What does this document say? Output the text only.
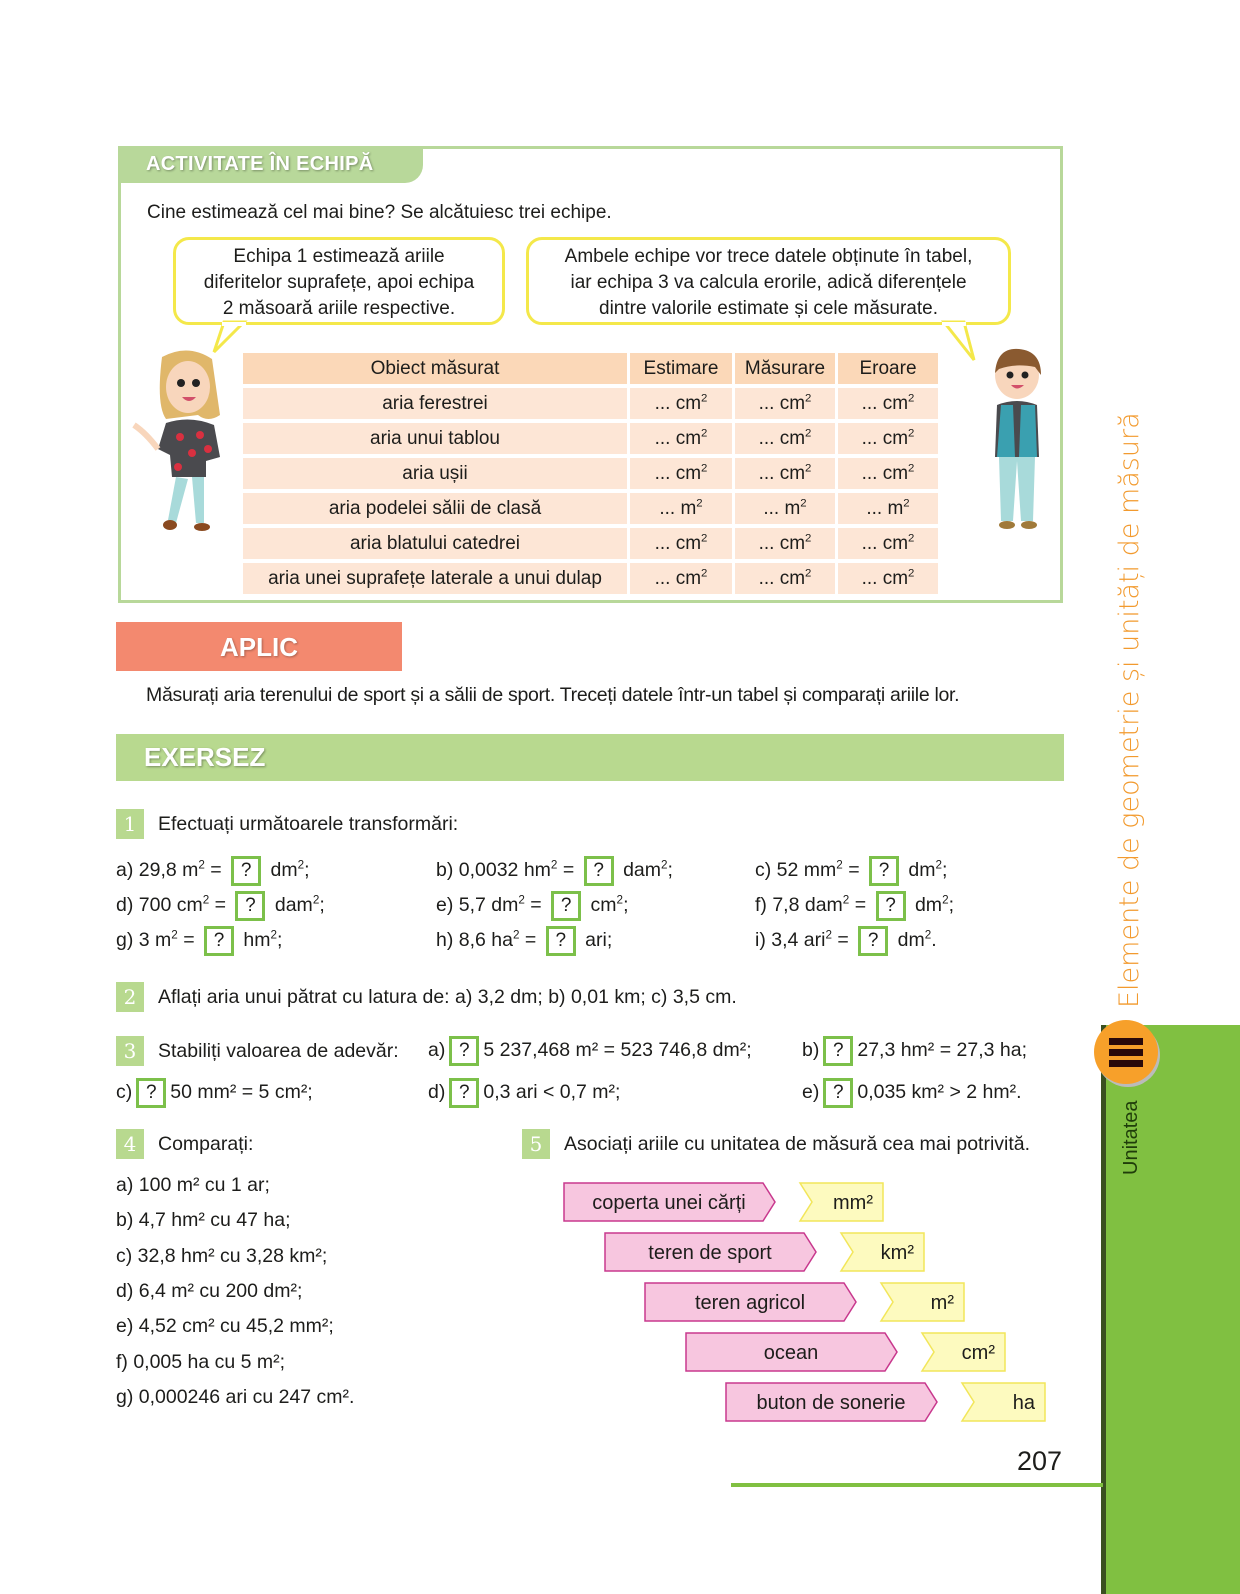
ACTIVITATE ÎN ECHIPĂ
Cine estimează cel mai bine? Se alcătuiesc trei echipe.
Echipa 1 estimează ariile
diferitelor suprafețe, apoi echipa
2 măsoară ariile respective.
Ambele echipe vor trece datele obținute în tabel,
iar echipa 3 va calcula erorile, adică diferențele
dintre valorile estimate și cele măsurate.
Obiect măsurat	Estimare	Măsurare	Eroare
aria ferestrei	... $cm^2$	... $cm^2$	... $cm^2$
aria unui tablou	... $cm^2$	... $cm^2$	... $cm^2$
aria ușii	... $cm^2$	... $cm^2$	... $cm^2$
aria podelei sălii de clasă	... $m^2$	... $m^2$	... $m^2$
aria blatului catedrei	... $cm^2$	... $cm^2$	... $cm^2$
aria unei suprafețe laterale a unui dulap	... $cm^2$	... $cm^2$	... $cm^2$
APLIC
Măsurați aria terenului de sport și a sălii de sport. Treceți datele într-un tabel și comparați ariile lor.
EXERSEZ
1	Efectuați următoarele transformări:
a) 29,8 $m^2$ = ? $dm^2$;	b) 0,0032 $hm^2$ = ? dam$^2$;	c) 52 $mm^2$ = ? $dm^2$;
d) 700 $cm^2$ = ? dam$^2$;	e) 5,7 $dm^2$ = ? $cm^2$;	f) 7,8 dam$^2$ = ? $dm^2$;
g) 3 $m^2$ = ? $hm^2$;	h) 8,6 $ha^2$ = ? ari;	i) 3,4 ari$^2$ = ? $dm^2$.
2	Aflați aria unui pătrat cu latura de: a) 3,2 dm; b) 0,01 km; c) 3,5 cm.
3	Stabiliți valoarea de adevăr: a) ? 5 237,468 m² = 523 746,8 dm²;	b) ? 27,3 hm² = 27,3 ha;
c) ? 50 mm² = 5 cm²;	d) ? 0,3 ari < 0,7 m²;	e) ? 0,035 km² > 2 hm².
4	Comparați:
a) 100 m² cu 1 ar;
b) 4,7 hm² cu 47 ha;
c) 32,8 hm² cu 3,28 km²;
d) 6,4 m² cu 200 dm²;
e) 4,52 cm² cu 45,2 mm²;
f) 0,005 ha cu 5 m²;
g) 0,000246 ari cu 247 cm².
5	Asociați ariile cu unitatea de măsură cea mai potrivită.
coperta unei cărți	mm²
teren de sport	km²
teren agricol	m²
ocean	cm²
buton de sonerie	ha
Elemente de geometrie și unități de măsură
Unitatea
207
